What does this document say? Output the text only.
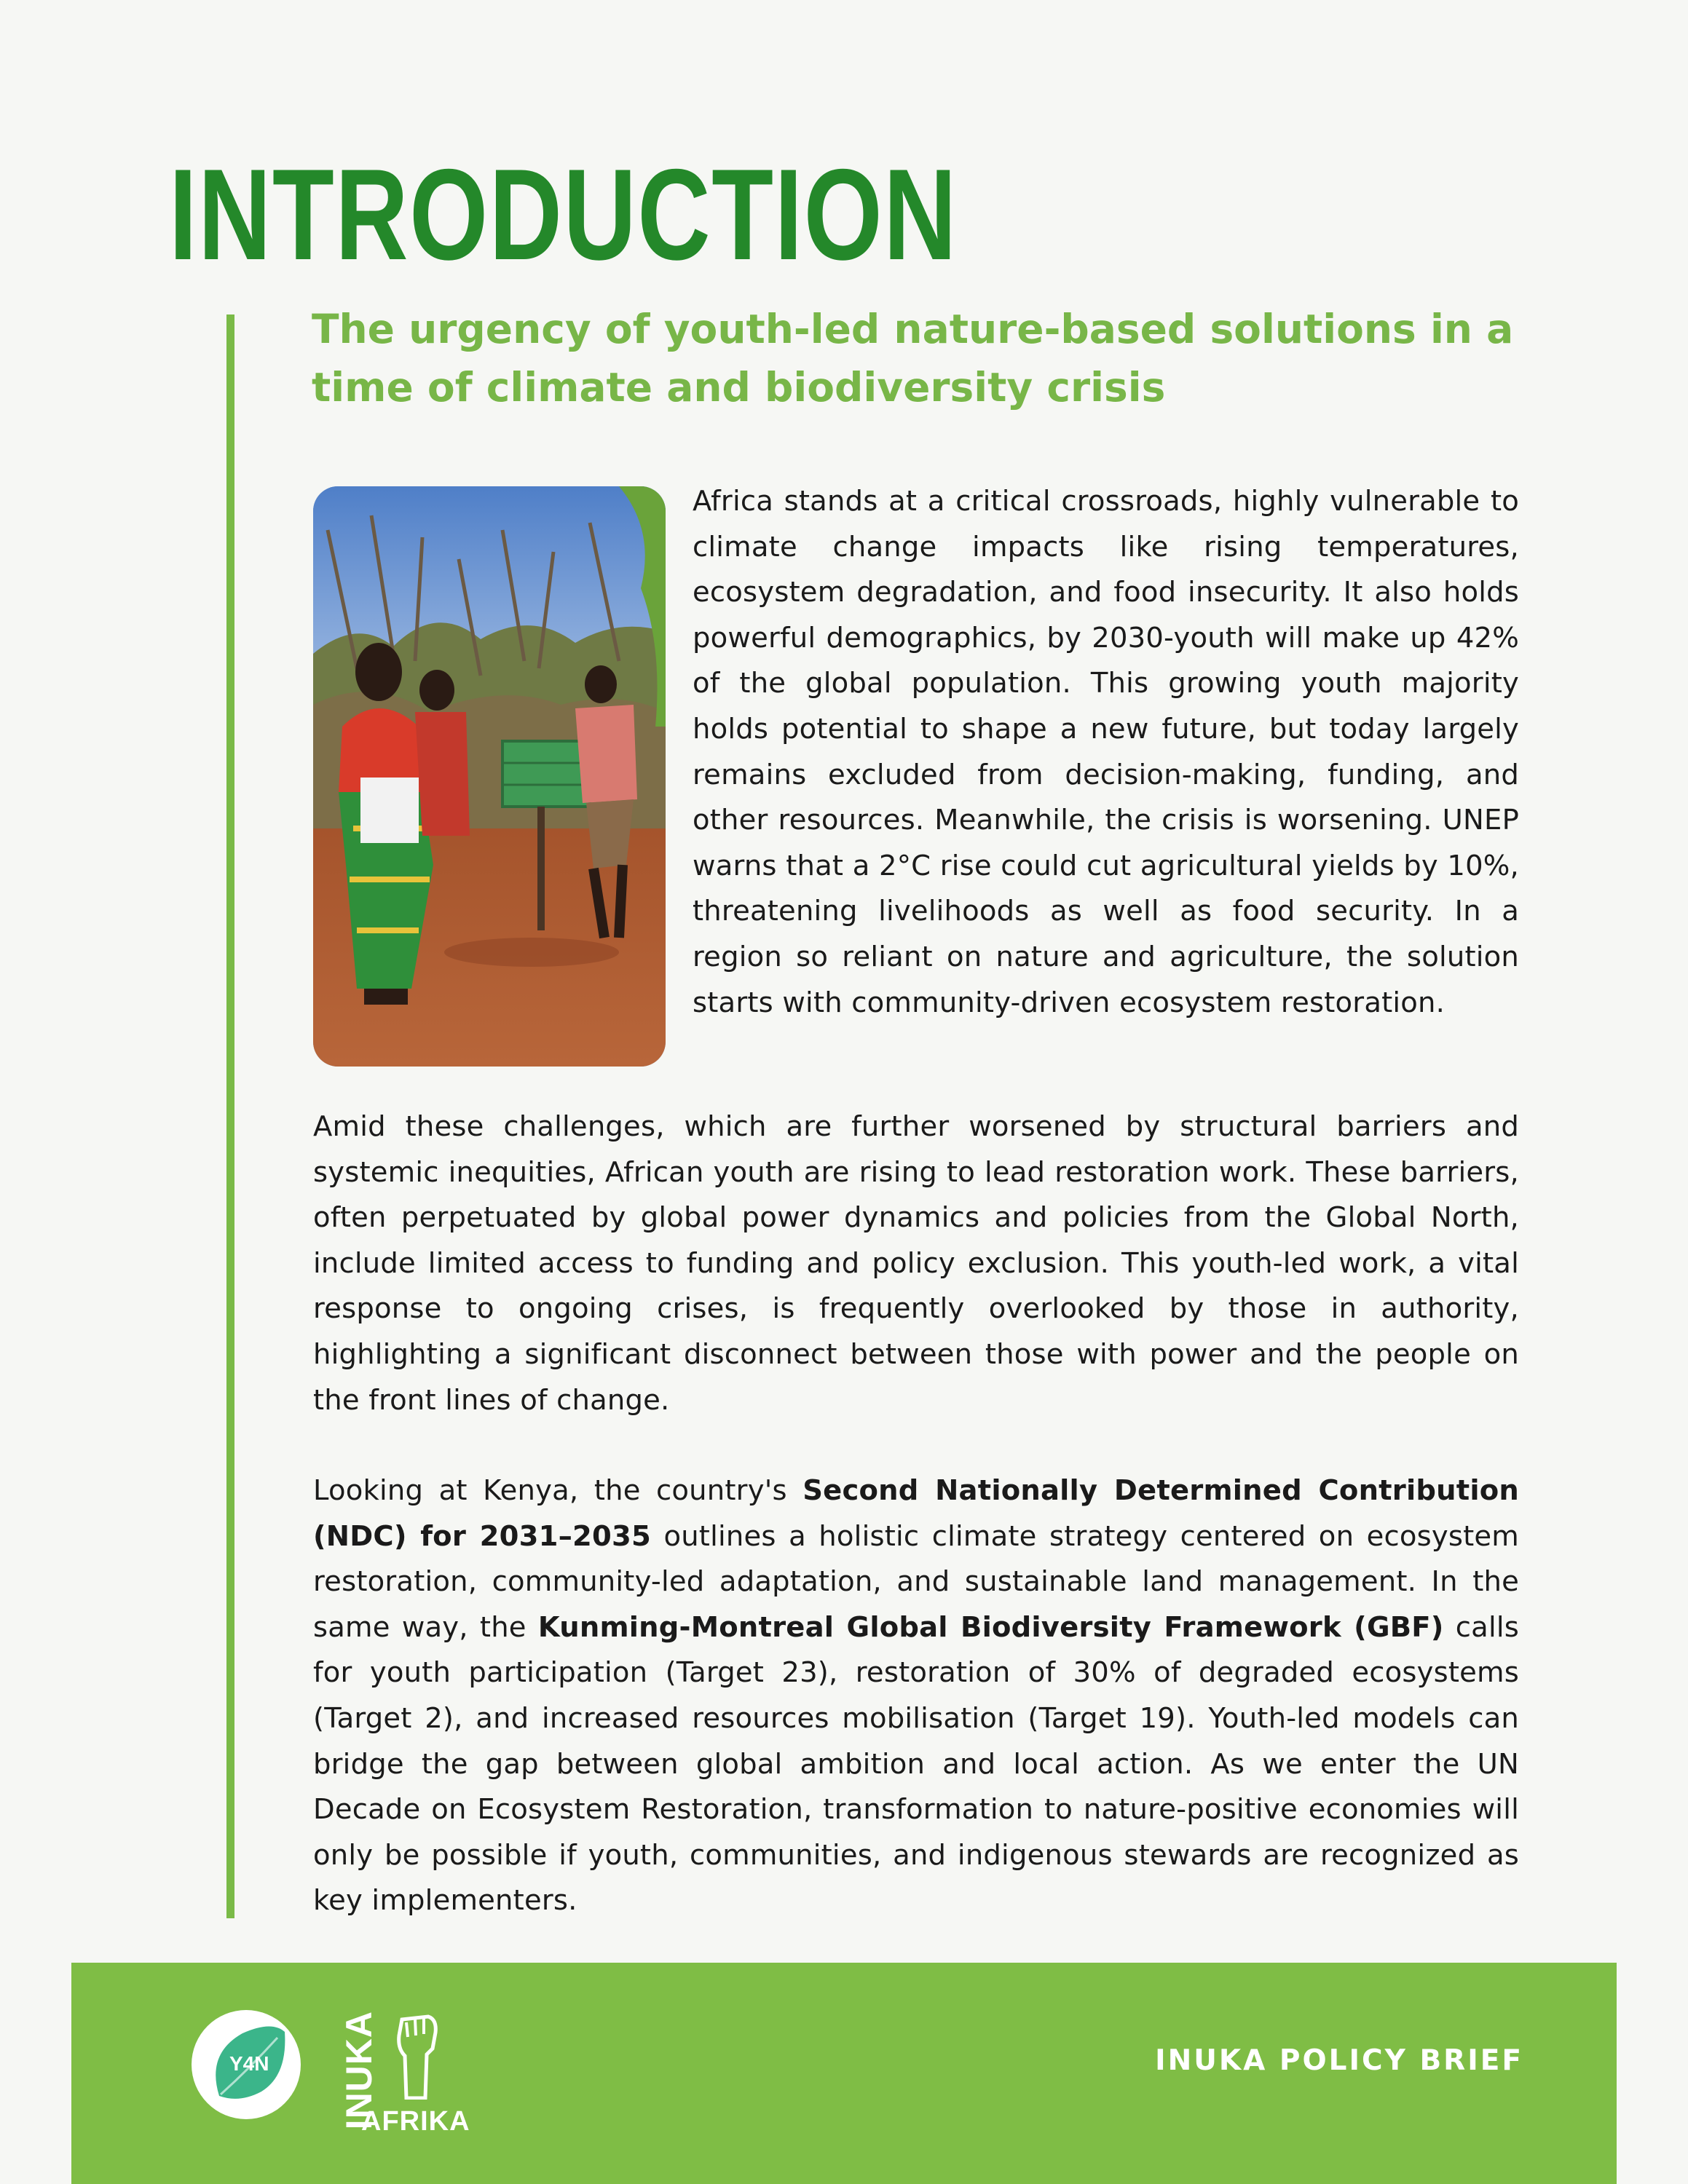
INTRODUCTION
The urgency of youth-led nature-based solutions in a time of climate and biodiversity crisis

Africa stands at a critical crossroads, highly vulnerable to climate change impacts like rising temperatures, ecosystem degradation, and food insecurity. It also holds powerful demographics, by 2030-youth will make up 42% of the global population. This growing youth majority holds potential to shape a new future, but today largely remains excluded from decision-making, funding, and other resources. Meanwhile, the crisis is worsening. UNEP warns that a 2°C rise could cut agricultural yields by 10%, threatening livelihoods as well as food security. In a region so reliant on nature and agriculture, the solution starts with community-driven ecosystem restoration.

Amid these challenges, which are further worsened by structural barriers and systemic inequities, African youth are rising to lead restoration work. These barriers, often perpetuated by global power dynamics and policies from the Global North, include limited access to funding and policy exclusion. This youth-led work, a vital response to ongoing crises, is frequently overlooked by those in authority, highlighting a significant disconnect between those with power and the people on the front lines of change.

Looking at Kenya, the country's Second Nationally Determined Contribution (NDC) for 2031–2035 outlines a holistic climate strategy centered on ecosystem restoration, community-led adaptation, and sustainable land management. In the same way, the Kunming-Montreal Global Biodiversity Framework (GBF) calls for youth participation (Target 23), restoration of 30% of degraded ecosystems (Target 2), and increased resources mobilisation (Target 19). Youth-led models can bridge the gap between global ambition and local action. As we enter the UN Decade on Ecosystem Restoration, transformation to nature-positive economies will only be possible if youth, communities, and indigenous stewards are recognized as key implementers.

Y4N INUKA
AFRIKA
INUKA POLICY BRIEF
